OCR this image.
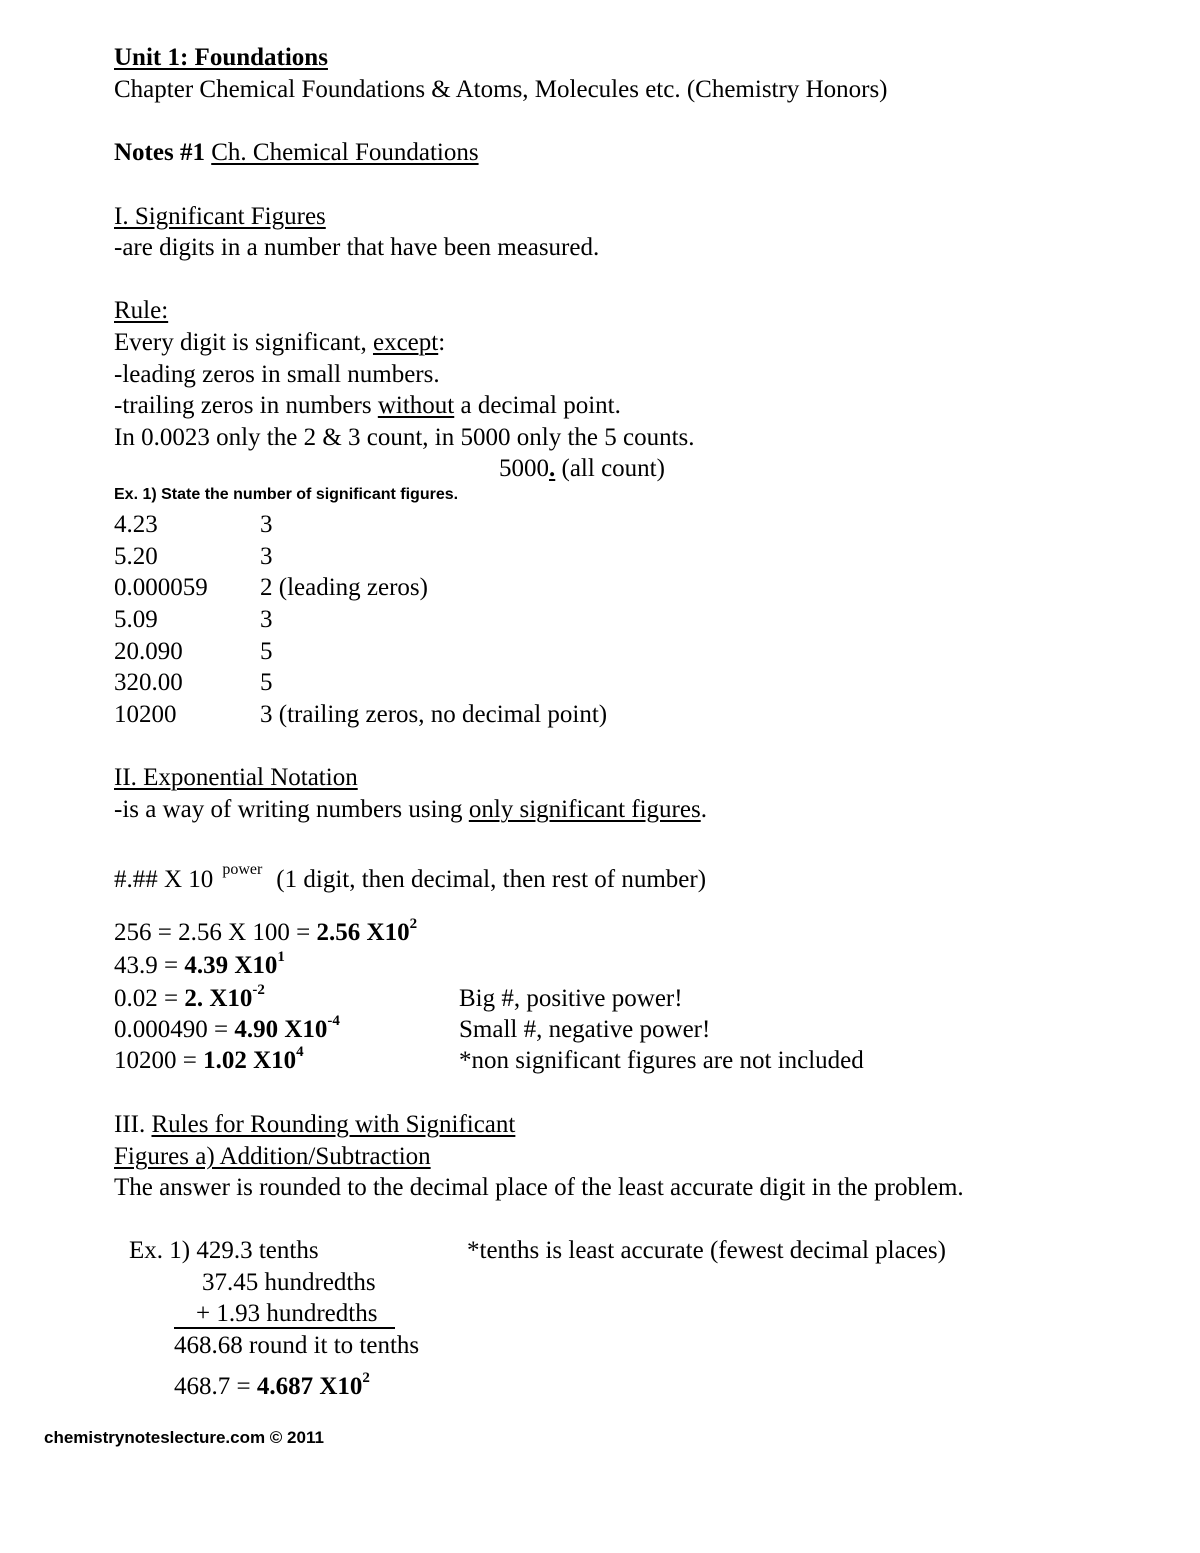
Unit 1: Foundations
Chapter Chemical Foundations & Atoms, Molecules etc. (Chemistry Honors)
Notes #1 Ch. Chemical Foundations
I. Significant Figures
-are digits in a number that have been measured.
Rule:
Every digit is significant, except:
-leading zeros in small numbers.
-trailing zeros in numbers without a decimal point.
In 0.0023 only the 2 & 3 count, in 5000 only the 5 counts.
5000. (all count)
Ex. 1) State the number of significant figures.
4.23	3
5.20	3
0.000059 2 (leading zeros)
5.09	3
20.090	5
320.00	5
10200	3 (trailing zeros, no decimal point)
II. Exponential Notation
-is a way of writing numbers using only significant figures.
#.## X 10 $^{power}$ (1 digit, then decimal, then rest of number)
256 = 2.56 X 100 = 2.56 $X10^2$
43.9 = 4.39 $X10^1$
0.02 = 2. $X10^{-2}$	Big #, positive power!
0.000490 = 4.90 $X10^{-4}$	Small #, negative power!
10200 = 1.02 $X10^4$	*non significant figures are not included
III. Rules for Rounding with Significant
Figures a) Addition/Subtraction
The answer is rounded to the decimal place of the least accurate digit in the problem.
Ex. 1) 429.3 tenths	*tenths is least accurate (fewest decimal places)
37.45 hundredths
+ 1.93 hundredths
468.68 round it to tenths
468.7 = 4.687 $X10^2$
chemistrynoteslecture.com © 2011
